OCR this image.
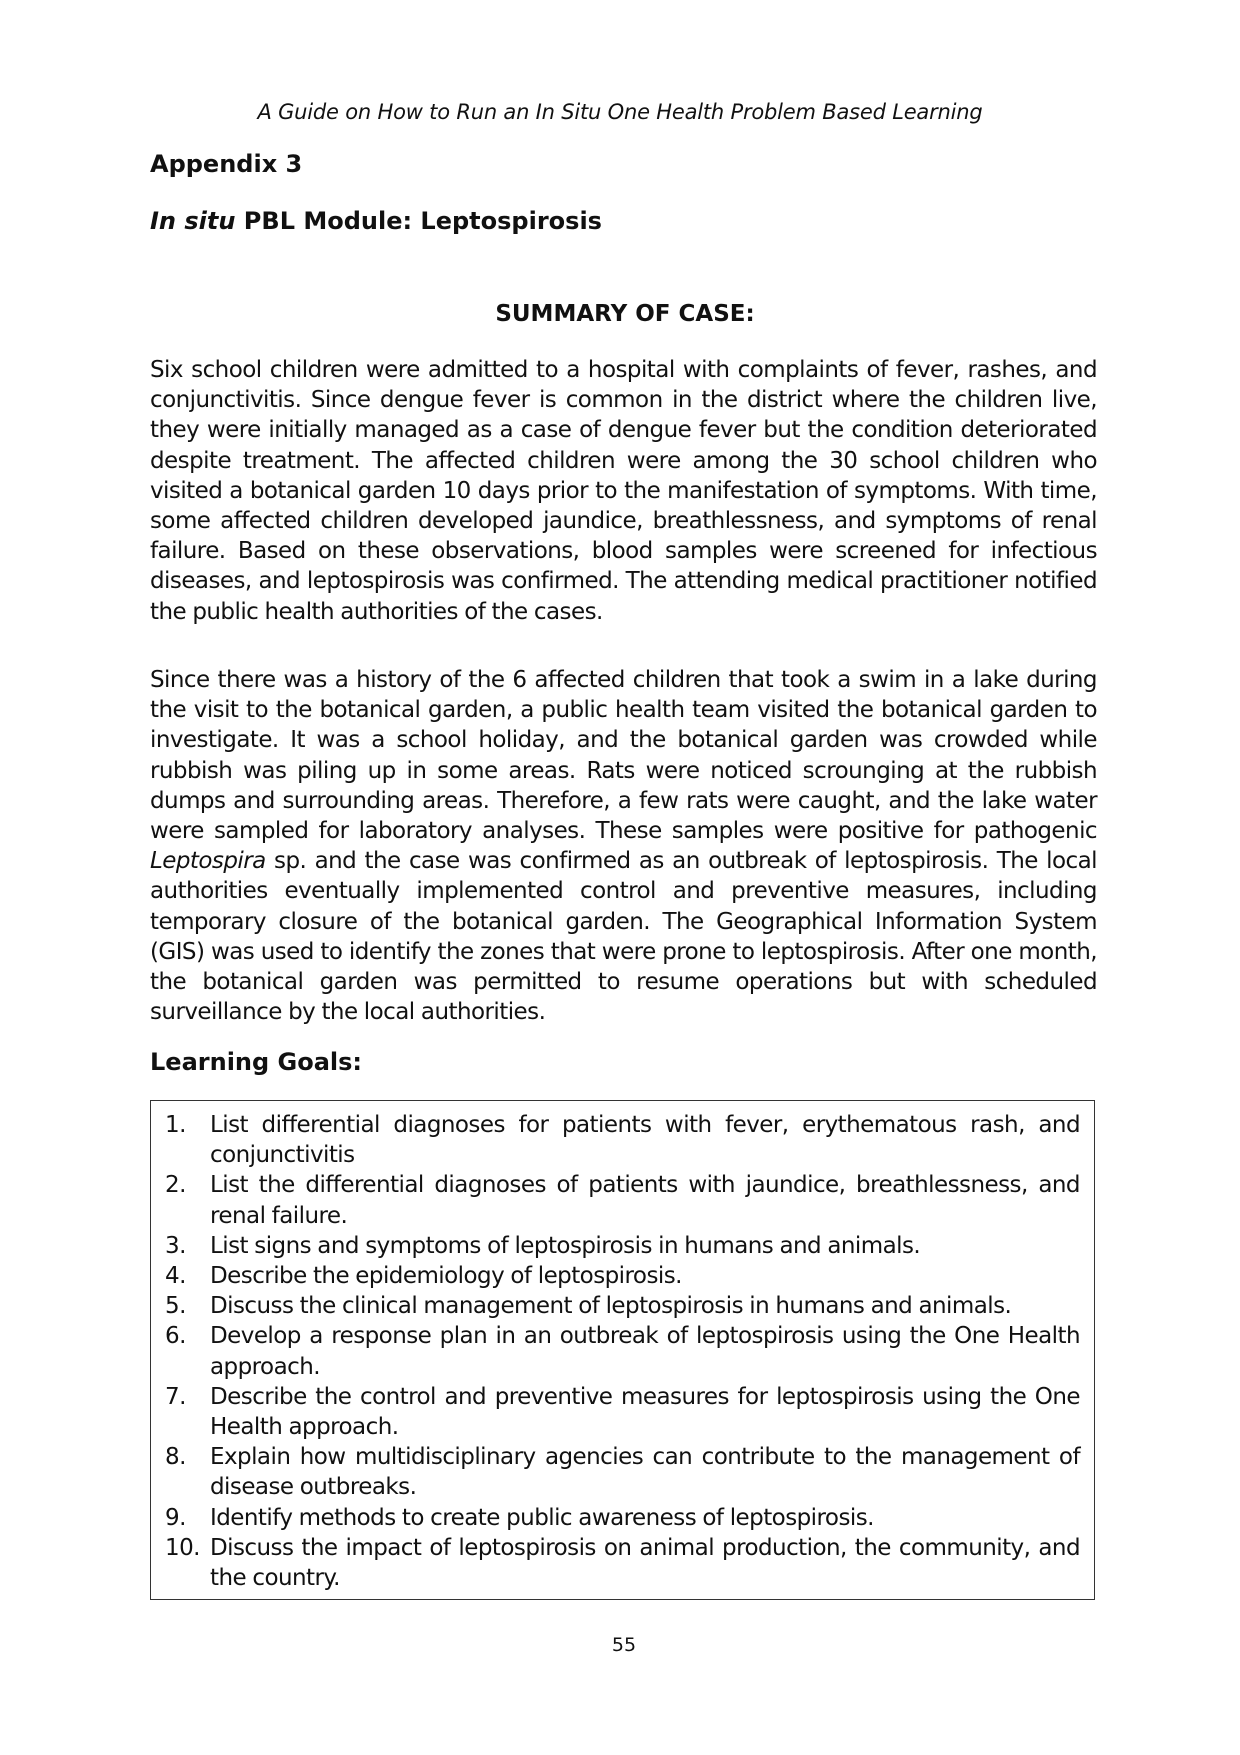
A Guide on How to Run an In Situ One Health Problem Based Learning
Appendix 3
In situ PBL Module: Leptospirosis
SUMMARY OF CASE:
Six school children were admitted to a hospital with complaints of fever, rashes, and conjunctivitis. Since dengue fever is common in the district where the children live, they were initially managed as a case of dengue fever but the condition deteriorated despite treatment. The affected children were among the 30 school children who visited a botanical garden 10 days prior to the manifestation of symptoms. With time, some affected children developed jaundice, breathlessness, and symptoms of renal failure. Based on these observations, blood samples were screened for infectious diseases, and leptospirosis was confirmed. The attending medical practitioner notified the public health authorities of the cases.
Since there was a history of the 6 affected children that took a swim in a lake during the visit to the botanical garden, a public health team visited the botanical garden to investigate. It was a school holiday, and the botanical garden was crowded while rubbish was piling up in some areas. Rats were noticed scrounging at the rubbish dumps and surrounding areas. Therefore, a few rats were caught, and the lake water were sampled for laboratory analyses. These samples were positive for pathogenic Leptospira sp. and the case was confirmed as an outbreak of leptospirosis. The local authorities eventually implemented control and preventive measures, including temporary closure of the botanical garden. The Geographical Information System (GIS) was used to identify the zones that were prone to leptospirosis. After one month, the botanical garden was permitted to resume operations but with scheduled surveillance by the local authorities.
Learning Goals:
1.	List differential diagnoses for patients with fever, erythematous rash, and conjunctivitis
2.	List the differential diagnoses of patients with jaundice, breathlessness, and renal failure.
3.	List signs and symptoms of leptospirosis in humans and animals.
4.	Describe the epidemiology of leptospirosis.
5.	Discuss the clinical management of leptospirosis in humans and animals.
6.	Develop a response plan in an outbreak of leptospirosis using the One Health approach.
7.	Describe the control and preventive measures for leptospirosis using the One Health approach.
8.	Explain how multidisciplinary agencies can contribute to the management of disease outbreaks.
9.	Identify methods to create public awareness of leptospirosis.
10. Discuss the impact of leptospirosis on animal production, the community, and the country.
55
